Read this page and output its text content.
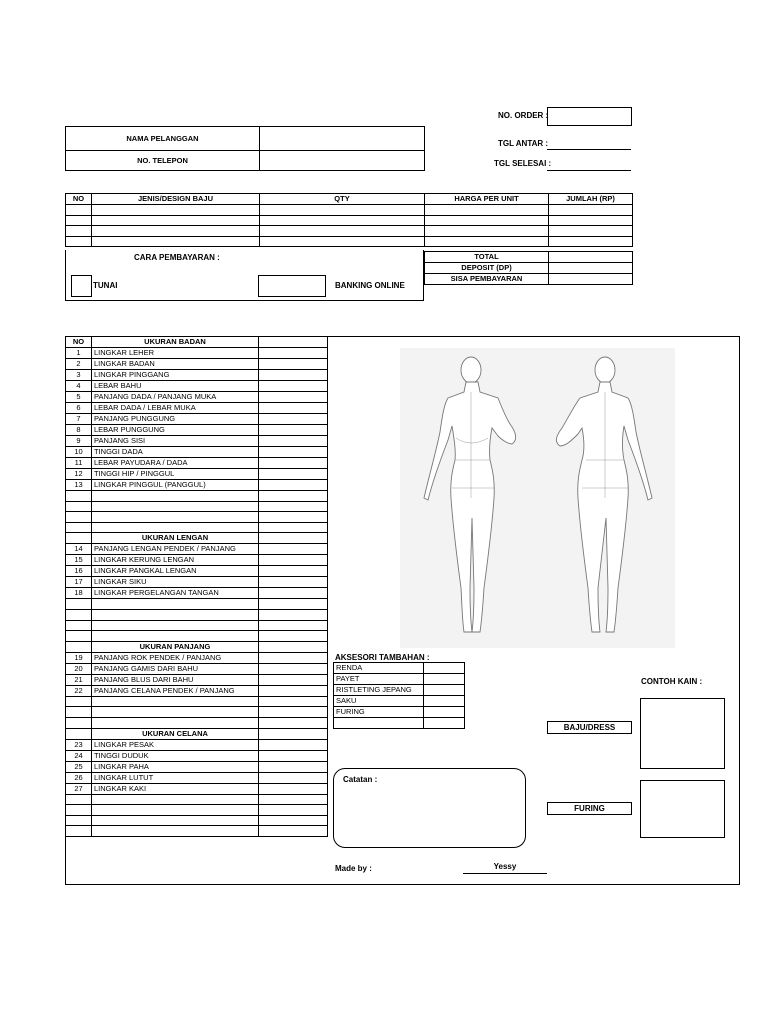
NO. ORDER :
TGL ANTAR :
TGL SELESAI :
NAMA PELANGGAN	
NO. TELEPON	
NO	JENIS/DESIGN BAJU	QTY	HARGA PER UNIT	JUMLAH (RP)

CARA PEMBAYARAN :
TUNAI	BANKING ONLINE
TOTAL	
DEPOSIT (DP)	
SISA PEMBAYARAN	
NO	UKURAN BADAN	
1	LINGKAR LEHER	
2	LINGKAR BADAN	
3	LINGKAR PINGGANG	
4	LEBAR BAHU	
5	PANJANG DADA / PANJANG MUKA	
6	LEBAR DADA / LEBAR MUKA	
7	PANJANG PUNGGUNG	
8	LEBAR PUNGGUNG	
9	PANJANG SISI	
10	TINGGI DADA	
11	LEBAR PAYUDARA / DADA	
12	TINGGI HIP / PINGGUL	
13	LINGKAR PINGGUL (PANGGUL)	

	UKURAN LENGAN	
14	PANJANG LENGAN PENDEK / PANJANG	
15	LINGKAR KERUNG LENGAN	
16	LINGKAR PANGKAL LENGAN	
17	LINGKAR SIKU	
18	LINGKAR PERGELANGAN TANGAN	

	UKURAN PANJANG	
19	PANJANG ROK PENDEK / PANJANG	
20	PANJANG GAMIS DARI BAHU	
21	PANJANG BLUS DARI BAHU	
22	PANJANG CELANA PENDEK / PANJANG	

	UKURAN CELANA	
23	LINGKAR PESAK	
24	TINGGI DUDUK	
25	LINGKAR PAHA	
26	LINGKAR LUTUT	
27	LINGKAR KAKI	

AKSESORI TAMBAHAN :
RENDA	
PAYET	
RISTLETING JEPANG	
SAKU	
FURING	

CONTOH KAIN :
BAJU/DRESS
FURING
Catatan :
Made by :	Yessy
